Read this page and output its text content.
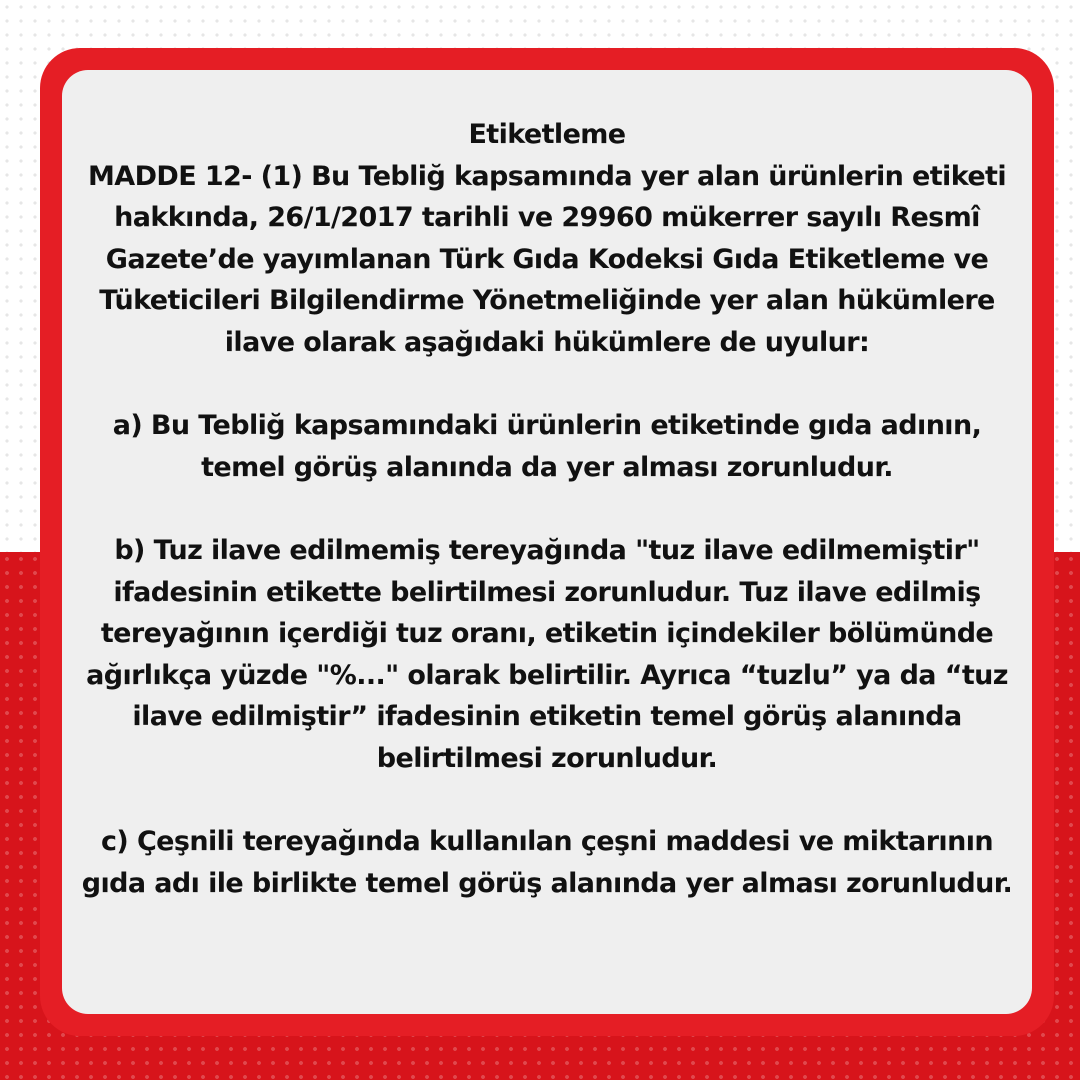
Etiketleme

MADDE 12- (1) Bu Tebliğ kapsamında yer alan ürünlerin etiketi hakkında, 26/1/2017 tarihli ve 29960 mükerrer sayılı Resmî Gazete’de yayımlanan Türk Gıda Kodeksi Gıda Etiketleme ve Tüketicileri Bilgilendirme Yönetmeliğinde yer alan hükümlere ilave olarak aşağıdaki hükümlere de uyulur:

a) Bu Tebliğ kapsamındaki ürünlerin etiketinde gıda adının, temel görüş alanında da yer alması zorunludur.

b) Tuz ilave edilmemiş tereyağında "tuz ilave edilmemiştir" ifadesinin etikette belirtilmesi zorunludur. Tuz ilave edilmiş tereyağının içerdiği tuz oranı, etiketin içindekiler bölümünde ağırlıkça yüzde "%..." olarak belirtilir. Ayrıca “tuzlu” ya da “tuz ilave edilmiştir” ifadesinin etiketin temel görüş alanında belirtilmesi zorunludur.

c) Çeşnili tereyağında kullanılan çeşni maddesi ve miktarının gıda adı ile birlikte temel görüş alanında yer alması zorunludur.
